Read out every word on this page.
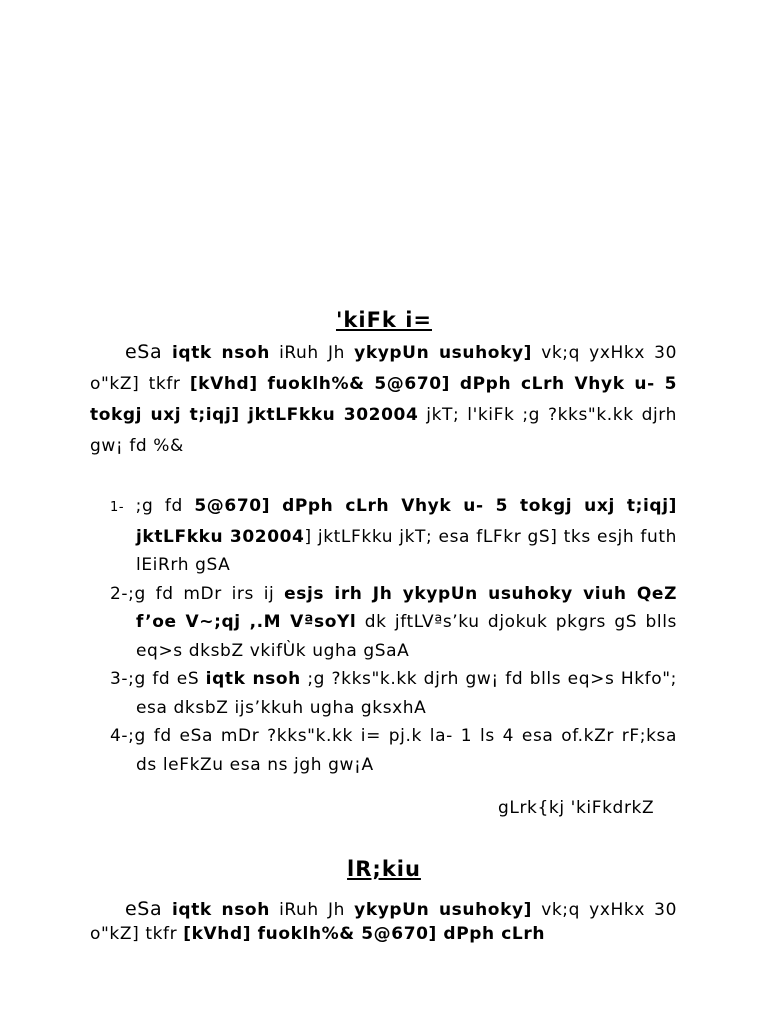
'kiFk i=

eSa iqtk nsoh iRuh Jh ykypUn usuhoky] vk;q yxHkx 30 o"kZ] tkfr [kVhd] fuoklh%& 5@670] dPph cLrh Vhyk u- 5 tokgj uxj t;iqj] jktLFkku 302004 jkT; l'kiFk ;g ?kks"k.kk djrh gw¡ fd %&

1- ;g fd 5@670] dPph cLrh Vhyk u- 5 tokgj uxj t;iqj] jktLFkku 302004] jktLFkku jkT; esa fLFkr gS] tks esjh futh lEiRrh gSA
2-;g fd mDr irs ij esjs irh Jh ykypUn usuhoky viuh QeZ f’oe V~;qj ,.M VªsoYl dk jftLVªs’ku djokuk pkgrs gS blls eq>s dksbZ vkifÙk ugha gSaA
3-;g fd eS iqtk nsoh ;g ?kks"k.kk djrh gw¡ fd blls eq>s Hkfo"; esa dksbZ ijs’kkuh ugha gksxhA
4-;g fd eSa mDr ?kks"k.kk i= pj.k la- 1 ls 4 esa of.kZr rF;ksa ds leFkZu esa ns jgh gw¡A
gLrk{kj 'kiFkdrkZ
lR;kiu

eSa iqtk nsoh iRuh Jh ykypUn usuhoky] vk;q yxHkx 30 o"kZ] tkfr [kVhd] fuoklh%& 5@670] dPph cLrh
